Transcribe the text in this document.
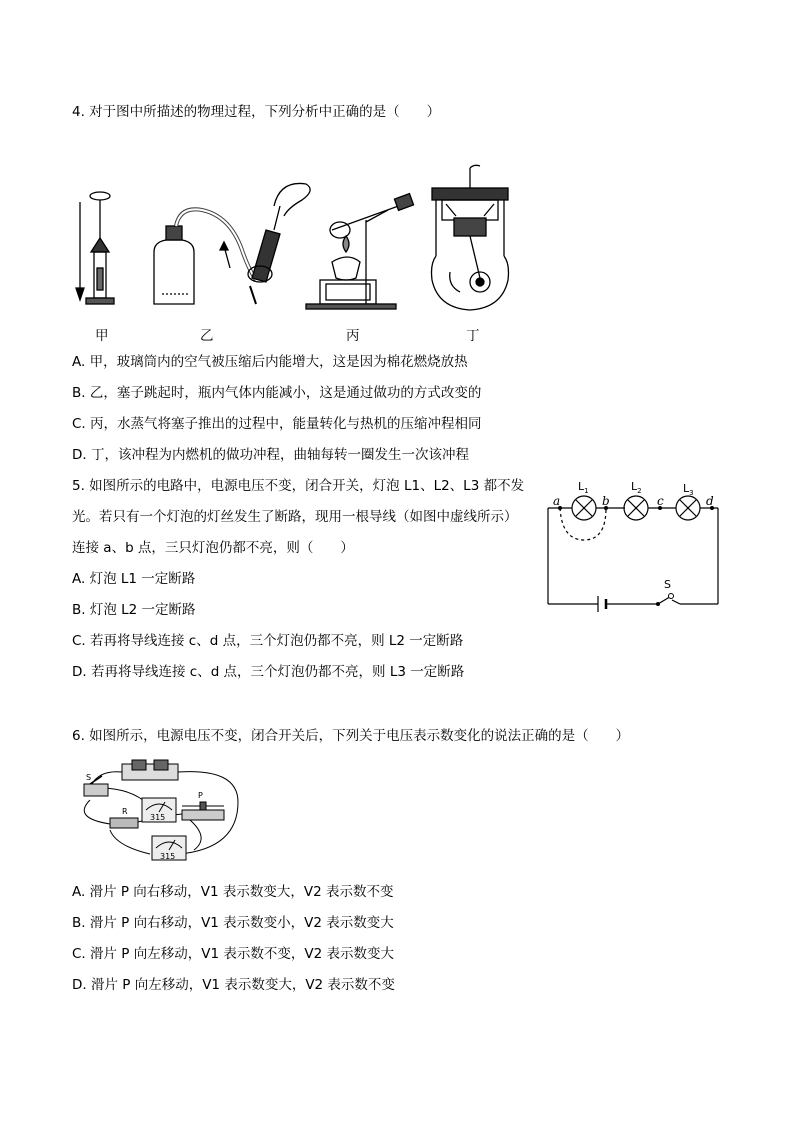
4. 对于图中所描述的物理过程，下列分析中正确的是（　　）
甲	乙	丙	丁
A. 甲，玻璃筒内的空气被压缩后内能增大，这是因为棉花燃烧放热
B. 乙，塞子跳起时，瓶内气体内能减小，这是通过做功的方式改变的
C. 丙，水蒸气将塞子推出的过程中，能量转化与热机的压缩冲程相同
D. 丁，该冲程为内燃机的做功冲程，曲轴每转一圈发生一次该冲程
5. 如图所示的电路中，电源电压不变，闭合开关，灯泡 L1、L2、L3 都不发
光。若只有一个灯泡的灯丝发生了断路，现用一根导线（如图中虚线所示）
连接 a、b 点，三只灯泡仍都不亮，则（　　）
A. 灯泡 L1 一定断路
B. 灯泡 L2 一定断路
C. 若再将导线连接 c、d 点，三个灯泡仍都不亮，则 L2 一定断路
D. 若再将导线连接 c、d 点，三个灯泡仍都不亮，则 L3 一定断路
a	b	c	d
$L_1$	$L_2$	$L_3$
S
6. 如图所示，电源电压不变，闭合开关后，下列关于电压表示数变化的说法正确的是（　　）
S
R
P
315
315
A. 滑片 P 向右移动，V1 表示数变大，V2 表示数不变
B. 滑片 P 向右移动，V1 表示数变小，V2 表示数变大
C. 滑片 P 向左移动，V1 表示数不变，V2 表示数变大
D. 滑片 P 向左移动，V1 表示数变大，V2 表示数不变
